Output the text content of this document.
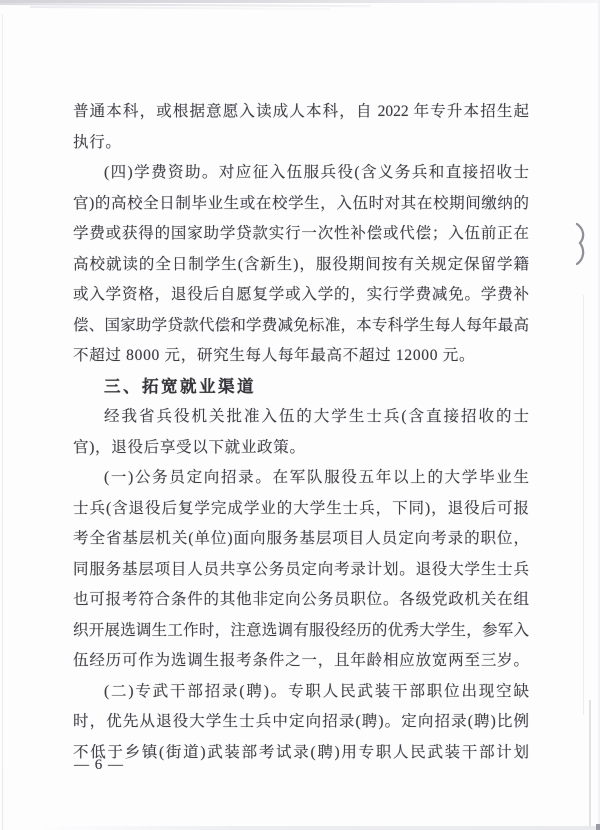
普通本科，或根据意愿入读成人本科，自 2022 年专升本招生起
执行。
(四)学费资助。对应征入伍服兵役(含义务兵和直接招收士
官)的高校全日制毕业生或在校学生，入伍时对其在校期间缴纳的
学费或获得的国家助学贷款实行一次性补偿或代偿；入伍前正在
高校就读的全日制学生(含新生)，服役期间按有关规定保留学籍
或入学资格，退役后自愿复学或入学的，实行学费减免。学费补
偿、国家助学贷款代偿和学费减免标准，本专科学生每人每年最高
不超过 8000 元，研究生每人每年最高不超过 12000 元。
三、拓宽就业渠道
经我省兵役机关批准入伍的大学生士兵(含直接招收的士
官)，退役后享受以下就业政策。
(一)公务员定向招录。在军队服役五年以上的大学毕业生
士兵(含退役后复学完成学业的大学生士兵，下同)，退役后可报
考全省基层机关(单位)面向服务基层项目人员定向考录的职位，
同服务基层项目人员共享公务员定向考录计划。退役大学生士兵
也可报考符合条件的其他非定向公务员职位。各级党政机关在组
织开展选调生工作时，注意选调有服役经历的优秀大学生，参军入
伍经历可作为选调生报考条件之一，且年龄相应放宽两至三岁。
(二)专武干部招录(聘)。专职人民武装干部职位出现空缺
时，优先从退役大学生士兵中定向招录(聘)。定向招录(聘)比例
不低于乡镇(街道)武装部考试录(聘)用专职人民武装干部计划
— 6 —
